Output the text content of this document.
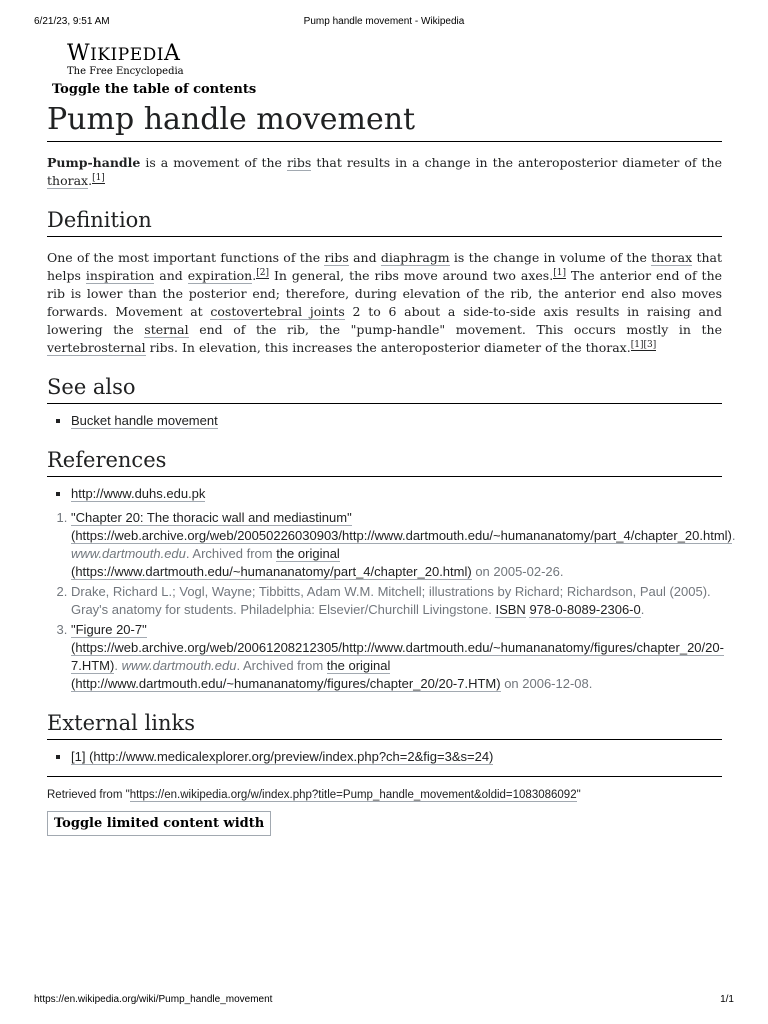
6/21/23, 9:51 AM	Pump handle movement - Wikipedia
WIKIPEDIA
The Free Encyclopedia
Toggle the table of contents
Pump handle movement

Pump-handle is a movement of the ribs that results in a change in the anteroposterior diameter of the thorax.[1]

Definition

One of the most important functions of the ribs and diaphragm is the change in volume of the thorax that helps inspiration and expiration.[2] In general, the ribs move around two axes.[1] The anterior end of the rib is lower than the posterior end; therefore, during elevation of the rib, the anterior end also moves forwards. Movement at costovertebral joints 2 to 6 about a side-to-side axis results in raising and lowering the sternal end of the rib, the "pump-handle" movement. This occurs mostly in the vertebrosternal ribs. In elevation, this increases the anteroposterior diameter of the thorax.[1][3]

See also
▪ Bucket handle movement
References
▪ http://www.duhs.edu.pk
1. "Chapter 20: The thoracic wall and mediastinum" (https://web.archive.org/web/20050226030903/http://www.dartmouth.edu/~humananatomy/part_4/chapter_20.html). www.dartmouth.edu. Archived from the original (https://www.dartmouth.edu/~humananatomy/part_4/chapter_20.html) on 2005-02-26.
2. Drake, Richard L.; Vogl, Wayne; Tibbitts, Adam W.M. Mitchell; illustrations by Richard; Richardson, Paul (2005). Gray's anatomy for students. Philadelphia: Elsevier/Churchill Livingstone. ISBN 978-0-8089-2306-0.
3. "Figure 20-7" (https://web.archive.org/web/20061208212305/http://www.dartmouth.edu/~humananatomy/figures/chapter_20/20-7.HTM). www.dartmouth.edu. Archived from the original (http://www.dartmouth.edu/~humananatomy/figures/chapter_20/20-7.HTM) on 2006-12-08.
External links
▪ [1] (http://www.medicalexplorer.org/preview/index.php?ch=2&fig=3&s=24)
Retrieved from "https://en.wikipedia.org/w/index.php?title=Pump_handle_movement&oldid=1083086092"
Toggle limited content width
https://en.wikipedia.org/wiki/Pump_handle_movement	1/1
